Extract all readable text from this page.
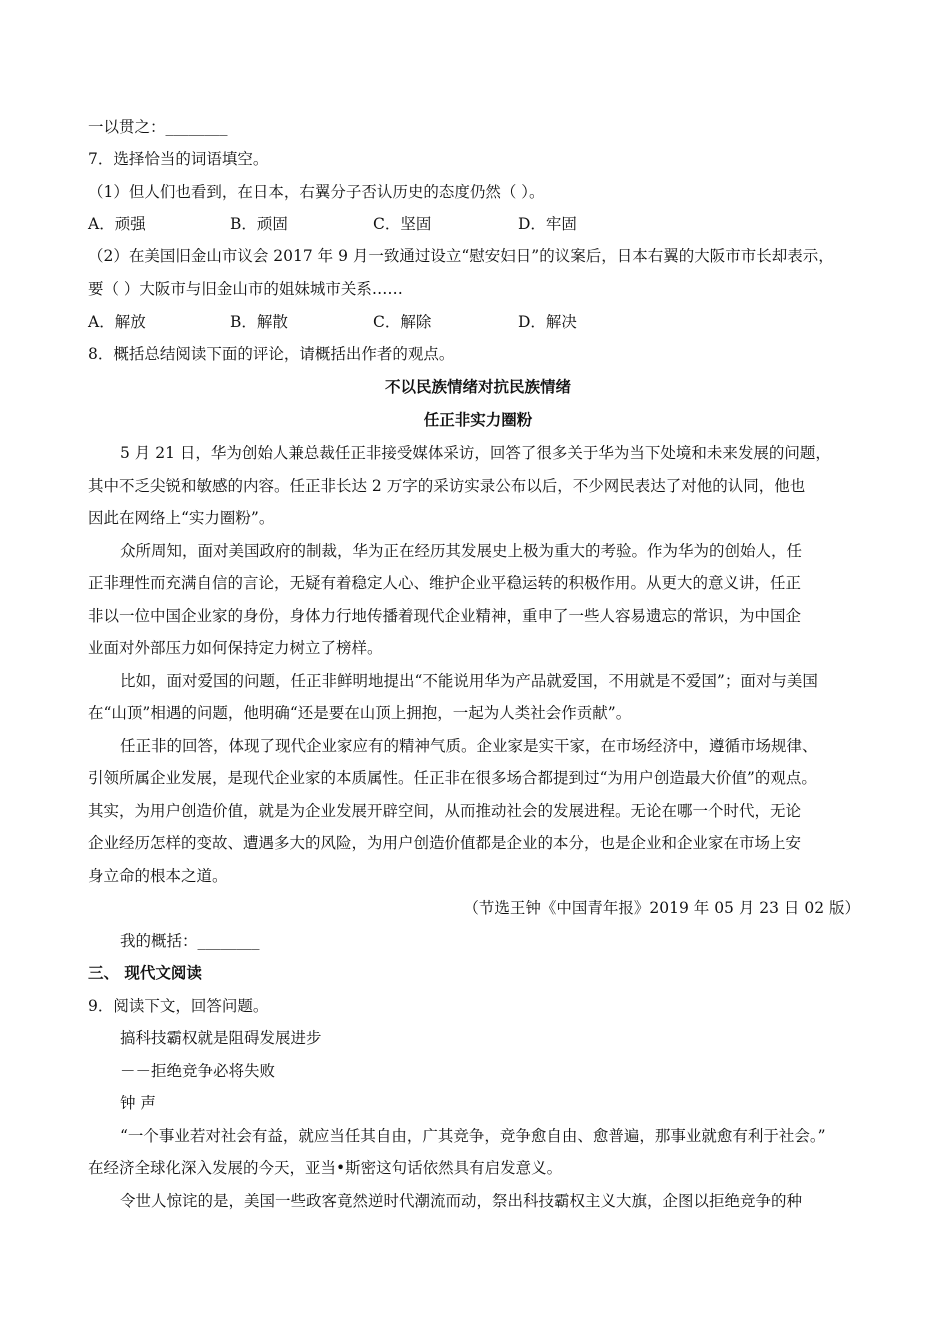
一以贯之：________
7．选择恰当的词语填空。
（1）但人们也看到，在日本，右翼分子否认历史的态度仍然（ ）。
A．顽强	B．顽固	C．坚固	D．牢固
（2）在美国旧金山市议会 2017 年 9 月一致通过设立“慰安妇日”的议案后，日本右翼的大阪市市长却表示，
要（ ）大阪市与旧金山市的姐妹城市关系……
A．解放	B．解散	C．解除	D．解决
8．概括总结阅读下面的评论，请概括出作者的观点。
不以民族情绪对抗民族情绪
任正非实力圈粉
5 月 21 日，华为创始人兼总裁任正非接受媒体采访，回答了很多关于华为当下处境和未来发展的问题，
其中不乏尖锐和敏感的内容。任正非长达 2 万字的采访实录公布以后，不少网民表达了对他的认同，他也
因此在网络上“实力圈粉”。
众所周知，面对美国政府的制裁，华为正在经历其发展史上极为重大的考验。作为华为的创始人，任
正非理性而充满自信的言论，无疑有着稳定人心、维护企业平稳运转的积极作用。从更大的意义讲，任正
非以一位中国企业家的身份，身体力行地传播着现代企业精神，重申了一些人容易遗忘的常识，为中国企
业面对外部压力如何保持定力树立了榜样。
比如，面对爱国的问题，任正非鲜明地提出“不能说用华为产品就爱国，不用就是不爱国”；面对与美国
在“山顶”相遇的问题，他明确“还是要在山顶上拥抱，一起为人类社会作贡献”。
任正非的回答，体现了现代企业家应有的精神气质。企业家是实干家，在市场经济中，遵循市场规律、
引领所属企业发展，是现代企业家的本质属性。任正非在很多场合都提到过“为用户创造最大价值”的观点。
其实，为用户创造价值，就是为企业发展开辟空间，从而推动社会的发展进程。无论在哪一个时代，无论
企业经历怎样的变故、遭遇多大的风险，为用户创造价值都是企业的本分，也是企业和企业家在市场上安
身立命的根本之道。
（节选王钟《中国青年报》2019 年 05 月 23 日 02 版）
我的概括：________
三、 现代文阅读
9．阅读下文，回答问题。
搞科技霸权就是阻碍发展进步
－－拒绝竞争必将失败
钟 声
“一个事业若对社会有益，就应当任其自由，广其竞争，竞争愈自由、愈普遍，那事业就愈有利于社会。”
在经济全球化深入发展的今天，亚当•斯密这句话依然具有启发意义。
令世人惊诧的是，美国一些政客竟然逆时代潮流而动，祭出科技霸权主义大旗，企图以拒绝竞争的种
